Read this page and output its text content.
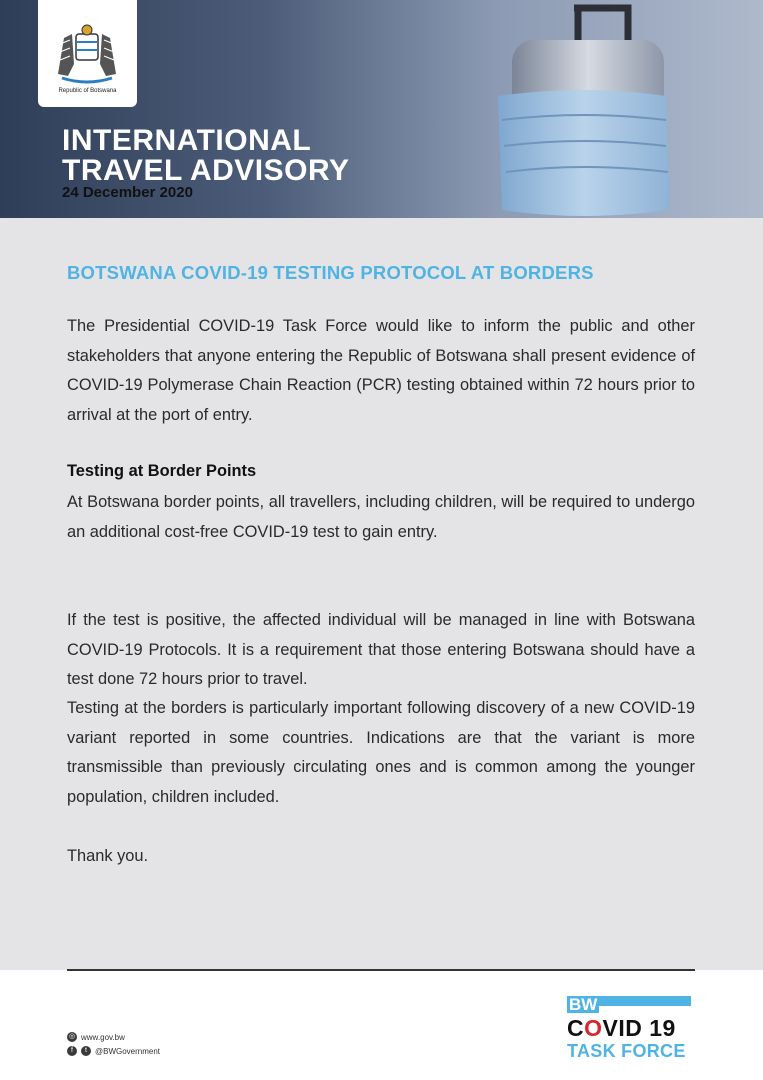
Republic of Botswana
INTERNATIONAL
TRAVEL ADVISORY
24 December 2020
BOTSWANA COVID-19 TESTING PROTOCOL AT BORDERS

The Presidential COVID-19 Task Force would like to inform the public and other stakeholders that anyone entering the Republic of Botswana shall present evidence of COVID-19 Polymerase Chain Reaction (PCR) testing obtained within 72 hours prior to arrival at the port of entry.

Testing at Border Points

At Botswana border points, all travellers, including children, will be required to undergo an additional cost-free COVID-19 test to gain entry.

If the test is positive, the affected individual will be managed in line with Botswana COVID-19 Protocols. It is a requirement that those entering Botswana should have a test done 72 hours prior to travel.

Testing at the borders is particularly important following discovery of a new COVID-19 variant reported in some countries. Indications are that the variant is more transmissible than previously circulating ones and is common among the younger population, children included.

Thank you.

◎ www.gov.bw
f	t	@BWGovernment
BW
COVID 19
TASK FORCE
